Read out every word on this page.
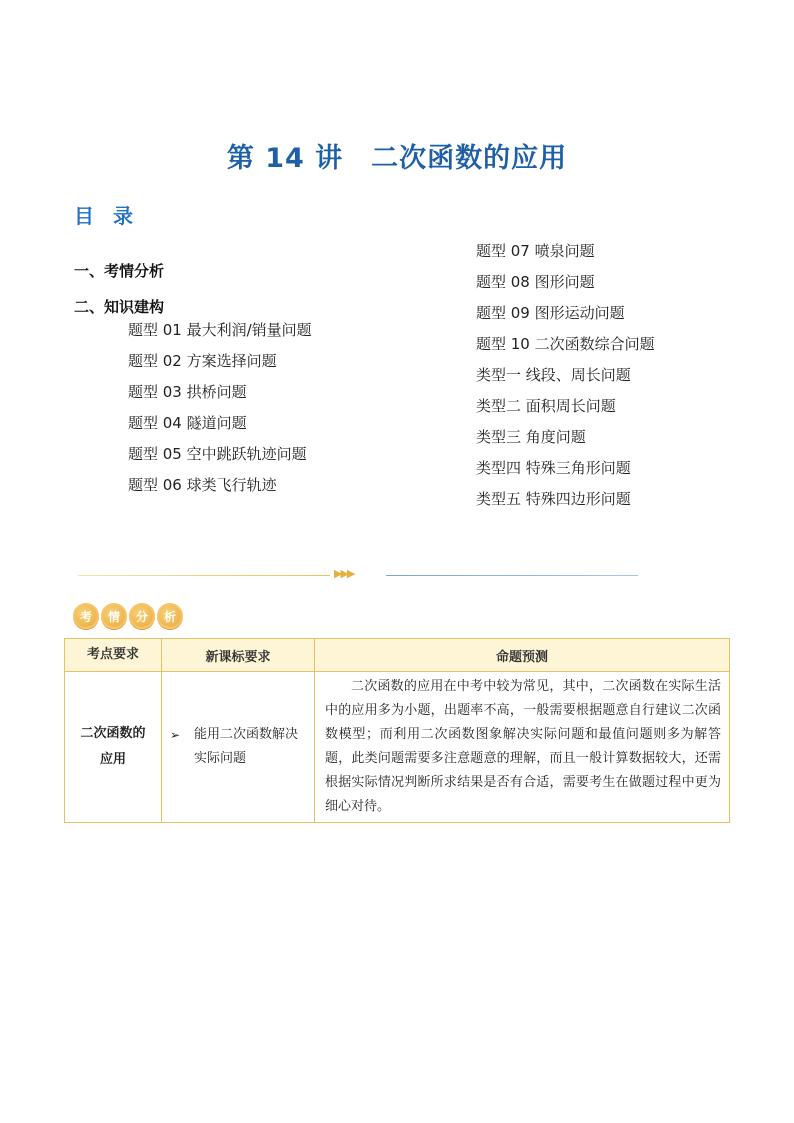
第 14 讲　二次函数的应用
目 录
一、考情分析
二、知识建构
题型 01 最大利润/销量问题
题型 02 方案选择问题
题型 03 拱桥问题
题型 04 隧道问题
题型 05 空中跳跃轨迹问题
题型 06 球类飞行轨迹
题型 07 喷泉问题
题型 08 图形问题
题型 09 图形运动问题
题型 10 二次函数综合问题
类型一 线段、周长问题
类型二 面积周长问题
类型三 角度问题
类型四 特殊三角形问题
类型五 特殊四边形问题
▶▶▶
考	情	分	析
考点要求	新课标要求	命题预测

二次函数的应用	➢ 能用二次函数解决实际问题	二次函数的应用在中考中较为常见，其中，二次函数在实际生活中的应用多为小题，出题率不高，一般需要根据题意自行建议二次函数模型；而利用二次函数图象解决实际问题和最值问题则多为解答题，此类问题需要多注意题意的理解，而且一般计算数据较大，还需根据实际情况判断所求结果是否有合适，需要考生在做题过程中更为细心对待。
